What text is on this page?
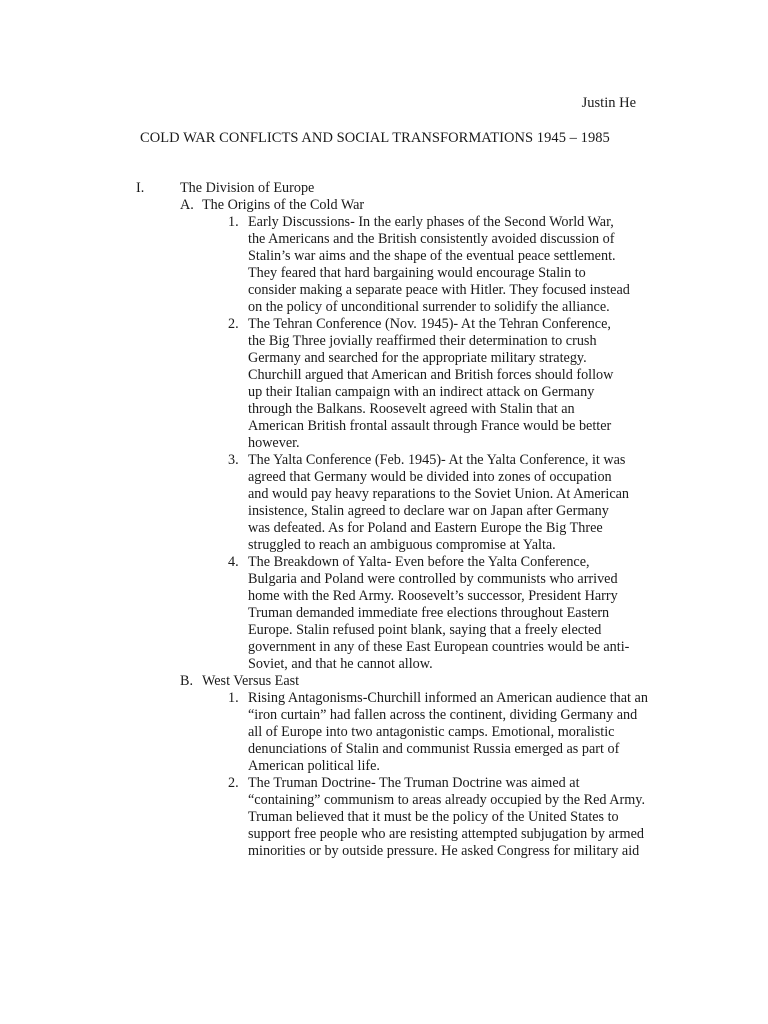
Justin He
COLD WAR CONFLICTS AND SOCIAL TRANSFORMATIONS 1945 – 1985
I.	The Division of Europe
A. The Origins of the Cold War
1. Early Discussions- In the early phases of the Second World War,
the Americans and the British consistently avoided discussion of
Stalin’s war aims and the shape of the eventual peace settlement.
They feared that hard bargaining would encourage Stalin to
consider making a separate peace with Hitler. They focused instead
on the policy of unconditional surrender to solidify the alliance.
2. The Tehran Conference (Nov. 1945)- At the Tehran Conference,
the Big Three jovially reaffirmed their determination to crush
Germany and searched for the appropriate military strategy.
Churchill argued that American and British forces should follow
up their Italian campaign with an indirect attack on Germany
through the Balkans. Roosevelt agreed with Stalin that an
American British frontal assault through France would be better
however.
3. The Yalta Conference (Feb. 1945)- At the Yalta Conference, it was
agreed that Germany would be divided into zones of occupation
and would pay heavy reparations to the Soviet Union. At American
insistence, Stalin agreed to declare war on Japan after Germany
was defeated. As for Poland and Eastern Europe the Big Three
struggled to reach an ambiguous compromise at Yalta.
4. The Breakdown of Yalta- Even before the Yalta Conference,
Bulgaria and Poland were controlled by communists who arrived
home with the Red Army. Roosevelt’s successor, President Harry
Truman demanded immediate free elections throughout Eastern
Europe. Stalin refused point blank, saying that a freely elected
government in any of these East European countries would be anti-
Soviet, and that he cannot allow.
B. West Versus East
1. Rising Antagonisms-Churchill informed an American audience that an
“iron curtain” had fallen across the continent, dividing Germany and
all of Europe into two antagonistic camps. Emotional, moralistic
denunciations of Stalin and communist Russia emerged as part of
American political life.
2. The Truman Doctrine- The Truman Doctrine was aimed at
“containing” communism to areas already occupied by the Red Army.
Truman believed that it must be the policy of the United States to
support free people who are resisting attempted subjugation by armed
minorities or by outside pressure. He asked Congress for military aid
